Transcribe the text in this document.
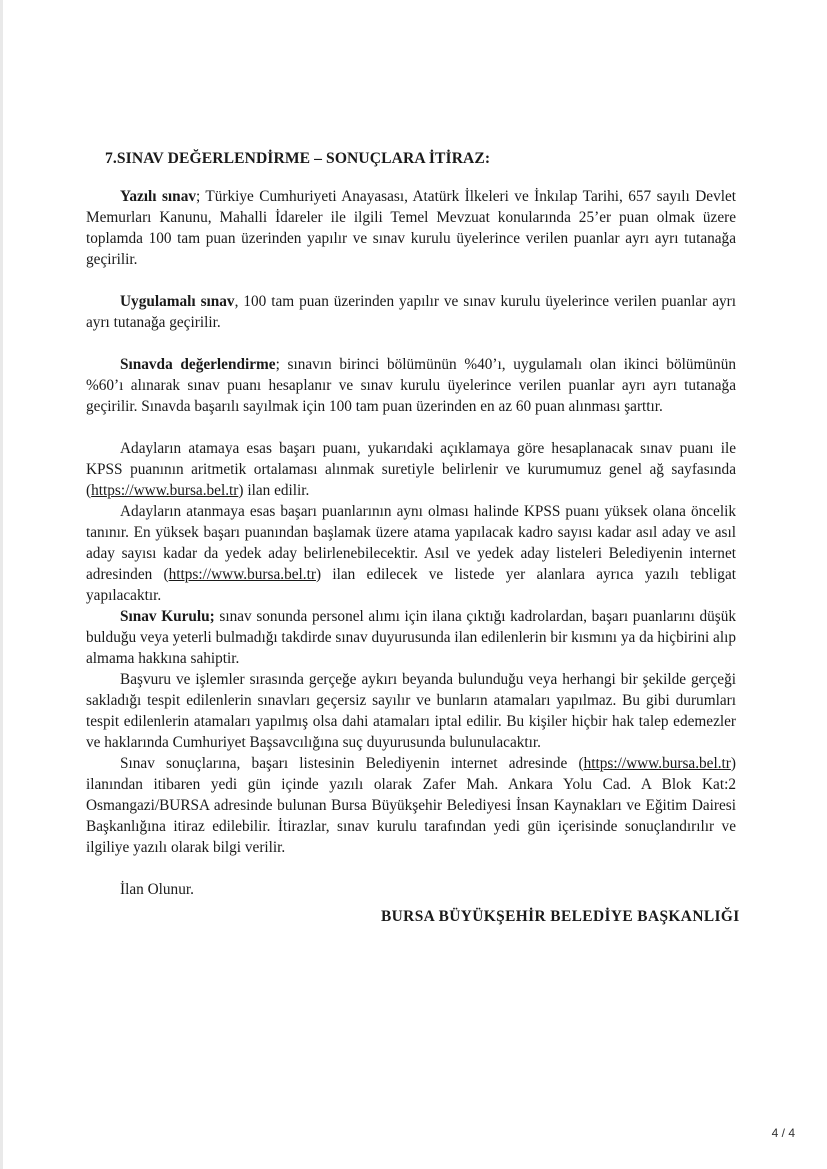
7.SINAV DEĞERLENDİRME – SONUÇLARA İTİRAZ:

Yazılı sınav; Türkiye Cumhuriyeti Anayasası, Atatürk İlkeleri ve İnkılap Tarihi, 657 sayılı Devlet Memurları Kanunu, Mahalli İdareler ile ilgili Temel Mevzuat konularında 25’er puan olmak üzere toplamda 100 tam puan üzerinden yapılır ve sınav kurulu üyelerince verilen puanlar ayrı ayrı tutanağa geçirilir.

Uygulamalı sınav, 100 tam puan üzerinden yapılır ve sınav kurulu üyelerince verilen puanlar ayrı ayrı tutanağa geçirilir.

Sınavda değerlendirme; sınavın birinci bölümünün %40’ı, uygulamalı olan ikinci bölümünün %60’ı alınarak sınav puanı hesaplanır ve sınav kurulu üyelerince verilen puanlar ayrı ayrı tutanağa geçirilir. Sınavda başarılı sayılmak için 100 tam puan üzerinden en az 60 puan alınması şarttır.

Adayların atamaya esas başarı puanı, yukarıdaki açıklamaya göre hesaplanacak sınav puanı ile KPSS puanının aritmetik ortalaması alınmak suretiyle belirlenir ve kurumumuz genel ağ sayfasında (https://www.bursa.bel.tr) ilan edilir.

Adayların atanmaya esas başarı puanlarının aynı olması halinde KPSS puanı yüksek olana öncelik tanınır. En yüksek başarı puanından başlamak üzere atama yapılacak kadro sayısı kadar asıl aday ve asıl aday sayısı kadar da yedek aday belirlenebilecektir. Asıl ve yedek aday listeleri Belediyenin internet adresinden (https://www.bursa.bel.tr) ilan edilecek ve listede yer alanlara ayrıca yazılı tebligat yapılacaktır.

Sınav Kurulu; sınav sonunda personel alımı için ilana çıktığı kadrolardan, başarı puanlarını düşük bulduğu veya yeterli bulmadığı takdirde sınav duyurusunda ilan edilenlerin bir kısmını ya da hiçbirini alıp almama hakkına sahiptir.

Başvuru ve işlemler sırasında gerçeğe aykırı beyanda bulunduğu veya herhangi bir şekilde gerçeği sakladığı tespit edilenlerin sınavları geçersiz sayılır ve bunların atamaları yapılmaz. Bu gibi durumları tespit edilenlerin atamaları yapılmış olsa dahi atamaları iptal edilir. Bu kişiler hiçbir hak talep edemezler ve haklarında Cumhuriyet Başsavcılığına suç duyurusunda bulunulacaktır.

Sınav sonuçlarına, başarı listesinin Belediyenin internet adresinde (https://www.bursa.bel.tr) ilanından itibaren yedi gün içinde yazılı olarak Zafer Mah. Ankara Yolu Cad. A Blok Kat:2 Osmangazi/BURSA adresinde bulunan Bursa Büyükşehir Belediyesi İnsan Kaynakları ve Eğitim Dairesi Başkanlığına itiraz edilebilir. İtirazlar, sınav kurulu tarafından yedi gün içerisinde sonuçlandırılır ve ilgiliye yazılı olarak bilgi verilir.

İlan Olunur.

BURSA BÜYÜKŞEHİR BELEDİYE BAŞKANLIĞI
4 / 4
